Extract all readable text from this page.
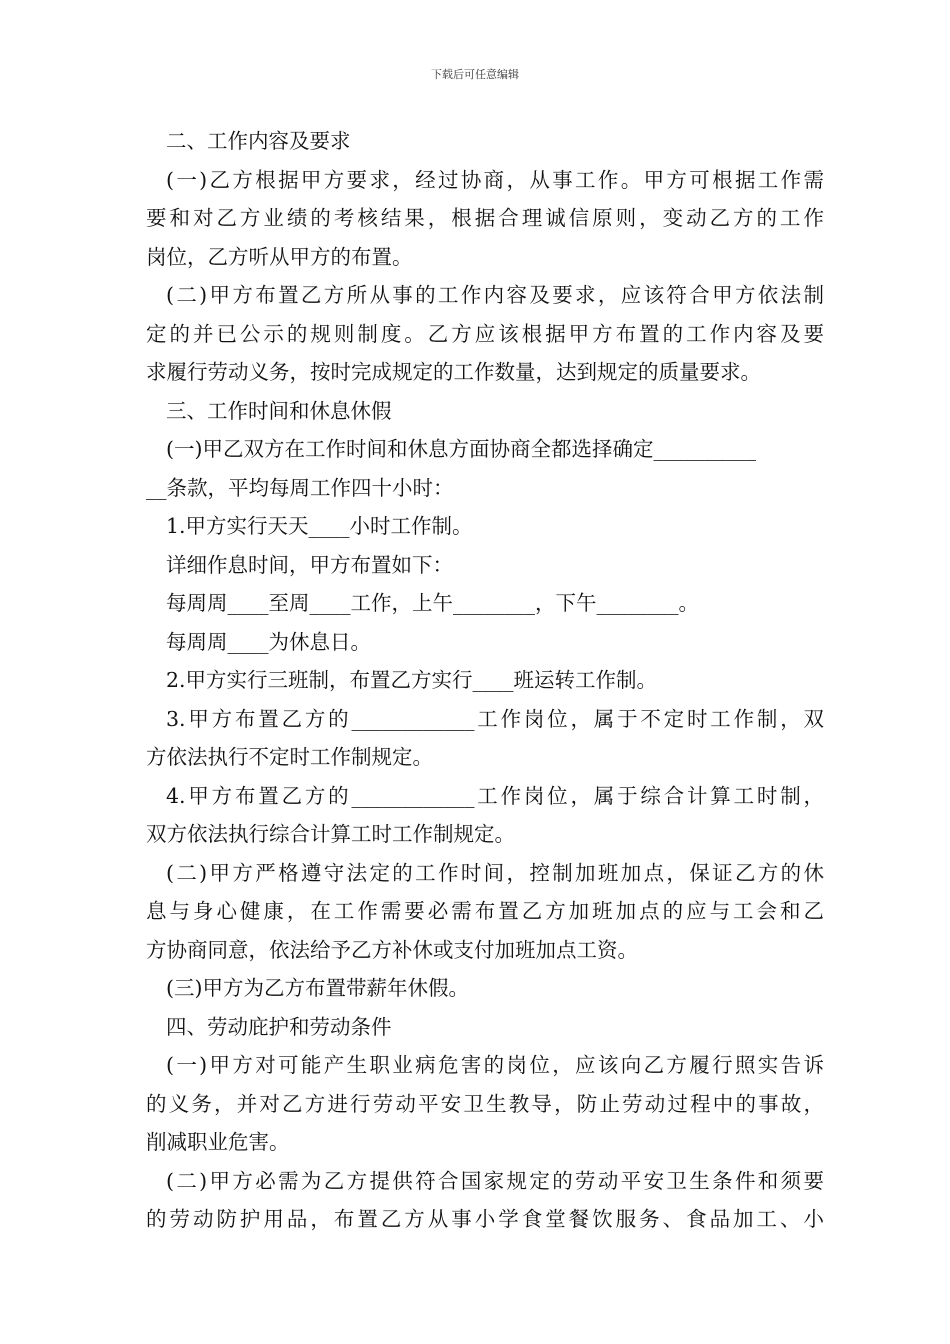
下载后可任意编辑
二、工作内容及要求
(一)乙方根据甲方要求，经过协商，从事工作。甲方可根据工作需
要和对乙方业绩的考核结果，根据合理诚信原则，变动乙方的工作
岗位，乙方听从甲方的布置。
(二)甲方布置乙方所从事的工作内容及要求，应该符合甲方依法制
定的并已公示的规则制度。乙方应该根据甲方布置的工作内容及要
求履行劳动义务，按时完成规定的工作数量，达到规定的质量要求。
三、工作时间和休息休假
(一)甲乙双方在工作时间和休息方面协商全都选择确定__________
__条款，平均每周工作四十小时：
1.甲方实行天天____小时工作制。
详细作息时间，甲方布置如下：
每周周____至周____工作，上午________，下午________。
每周周____为休息日。
2.甲方实行三班制，布置乙方实行____班运转工作制。
3.甲方布置乙方的____________工作岗位，属于不定时工作制，双
方依法执行不定时工作制规定。
4.甲方布置乙方的____________工作岗位，属于综合计算工时制，
双方依法执行综合计算工时工作制规定。
(二)甲方严格遵守法定的工作时间，控制加班加点，保证乙方的休
息与身心健康，在工作需要必需布置乙方加班加点的应与工会和乙
方协商同意，依法给予乙方补休或支付加班加点工资。
(三)甲方为乙方布置带薪年休假。
四、劳动庇护和劳动条件
(一)甲方对可能产生职业病危害的岗位，应该向乙方履行照实告诉
的义务，并对乙方进行劳动平安卫生教导，防止劳动过程中的事故，
削减职业危害。
(二)甲方必需为乙方提供符合国家规定的劳动平安卫生条件和须要
的劳动防护用品，布置乙方从事小学食堂餐饮服务、食品加工、小
